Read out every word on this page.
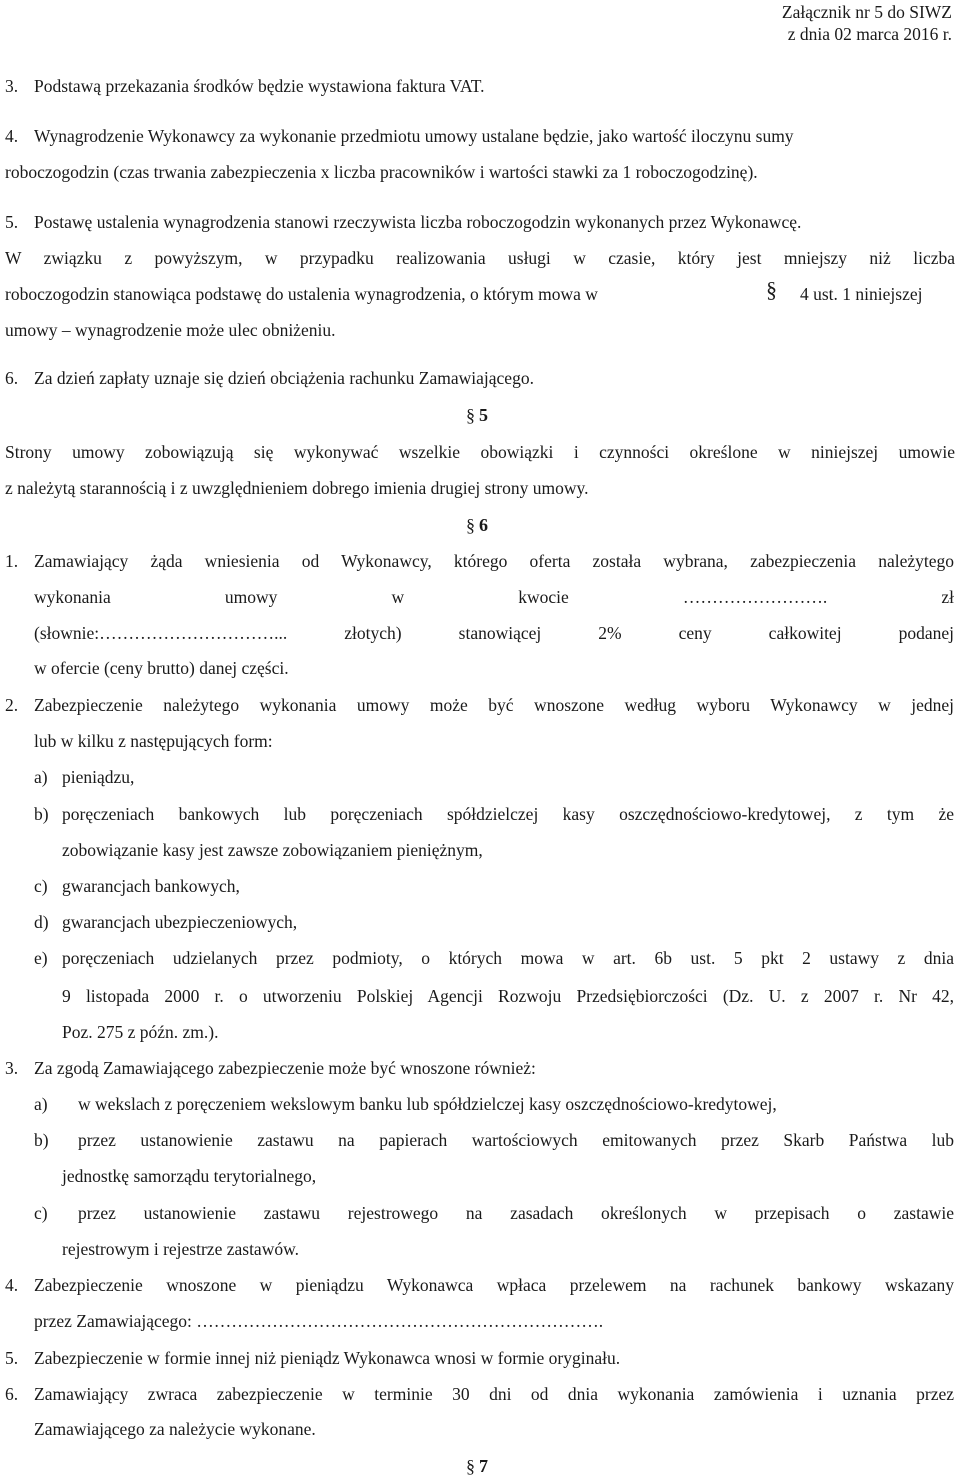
Załącznik nr 5 do SIWZ
z dnia 02 marca 2016 r.
3. Podstawą przekazania środków będzie wystawiona faktura VAT.
4. Wynagrodzenie Wykonawcy za wykonanie przedmiotu umowy ustalane będzie, jako wartość iloczynu sumy
roboczogodzin (czas trwania zabezpieczenia x liczba pracowników i wartości stawki za 1 roboczogodzinę).
5. Postawę ustalenia wynagrodzenia stanowi rzeczywista liczba roboczogodzin wykonanych przez Wykonawcę.
W związku z powyższym, w przypadku realizowania usługi w czasie, który jest mniejszy niż liczba
roboczogodzin stanowiąca podstawę do ustalenia wynagrodzenia, o którym mowa w	§ 4 ust. 1 niniejszej
umowy – wynagrodzenie może ulec obniżeniu.
6. Za dzień zapłaty uznaje się dzień obciążenia rachunku Zamawiającego.
§ 5
Strony umowy zobowiązują się wykonywać wszelkie obowiązki i czynności określone w niniejszej umowie
z należytą starannością i z uwzględnieniem dobrego imienia drugiej strony umowy.
§ 6
1. Zamawiający żąda wniesienia od Wykonawcy, którego oferta została wybrana, zabezpieczenia należytego
wykonania	umowy	w	kwocie	…………………….	zł
(słownie:…………………………...	złotych)	stanowiącej	2%	ceny	całkowitej	podanej
w ofercie (ceny brutto) danej części.
2. Zabezpieczenie należytego wykonania umowy może być wnoszone według wyboru Wykonawcy w jednej
lub w kilku z następujących form:
a) pieniądzu,
b) poręczeniach bankowych lub poręczeniach spółdzielczej kasy oszczędnościowo-kredytowej, z tym że
zobowiązanie kasy jest zawsze zobowiązaniem pieniężnym,
c) gwarancjach bankowych,
d) gwarancjach ubezpieczeniowych,
e) poręczeniach udzielanych przez podmioty, o których mowa w art. 6b ust. 5 pkt 2 ustawy z dnia
9 listopada 2000 r. o utworzeniu Polskiej Agencji Rozwoju Przedsiębiorczości (Dz. U. z 2007 r. Nr 42,
Poz. 275 z późn. zm.).
3. Za zgodą Zamawiającego zabezpieczenie może być wnoszone również:
a) w wekslach z poręczeniem wekslowym banku lub spółdzielczej kasy oszczędnościowo-kredytowej,
b) przez ustanowienie zastawu na papierach wartościowych emitowanych przez Skarb Państwa lub
jednostkę samorządu terytorialnego,
c) przez ustanowienie zastawu rejestrowego na zasadach określonych w przepisach o zastawie
rejestrowym i rejestrze zastawów.
4. Zabezpieczenie wnoszone w pieniądzu Wykonawca wpłaca przelewem na rachunek bankowy wskazany
przez Zamawiającego: …………………………………………………………….
5. Zabezpieczenie w formie innej niż pieniądz Wykonawca wnosi w formie oryginału.
6. Zamawiający zwraca zabezpieczenie w terminie 30 dni od dnia wykonania zamówienia i uznania przez
Zamawiającego za należycie wykonane.
§ 7
